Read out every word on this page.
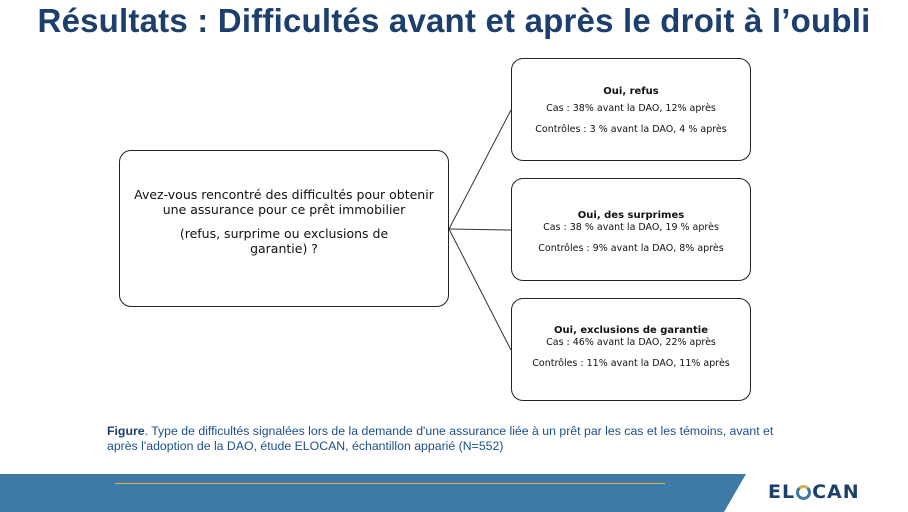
Résultats : Difficultés avant et après le droit à l’oubli
Avez-vous rencontré des difficultés pour obtenir une assurance pour ce prêt immobilier
(refus, surprime ou exclusions de garantie) ?
Oui, refus
Cas : 38% avant la DAO, 12% après
Contrôles : 3 % avant la DAO, 4 % après
Oui, des surprimes
Cas : 38 % avant la DAO, 19 % après
Contrôles : 9% avant la DAO, 8% après
Oui, exclusions de garantie
Cas : 46% avant la DAO, 22% après
Contrôles : 11% avant la DAO, 11% après
Figure. Type de difficultés signalées lors de la demande d'une assurance liée à un prêt par les cas et les témoins, avant et après l'adoption de la DAO, étude ELOCAN, échantillon apparié (N=552)
EL CAN
